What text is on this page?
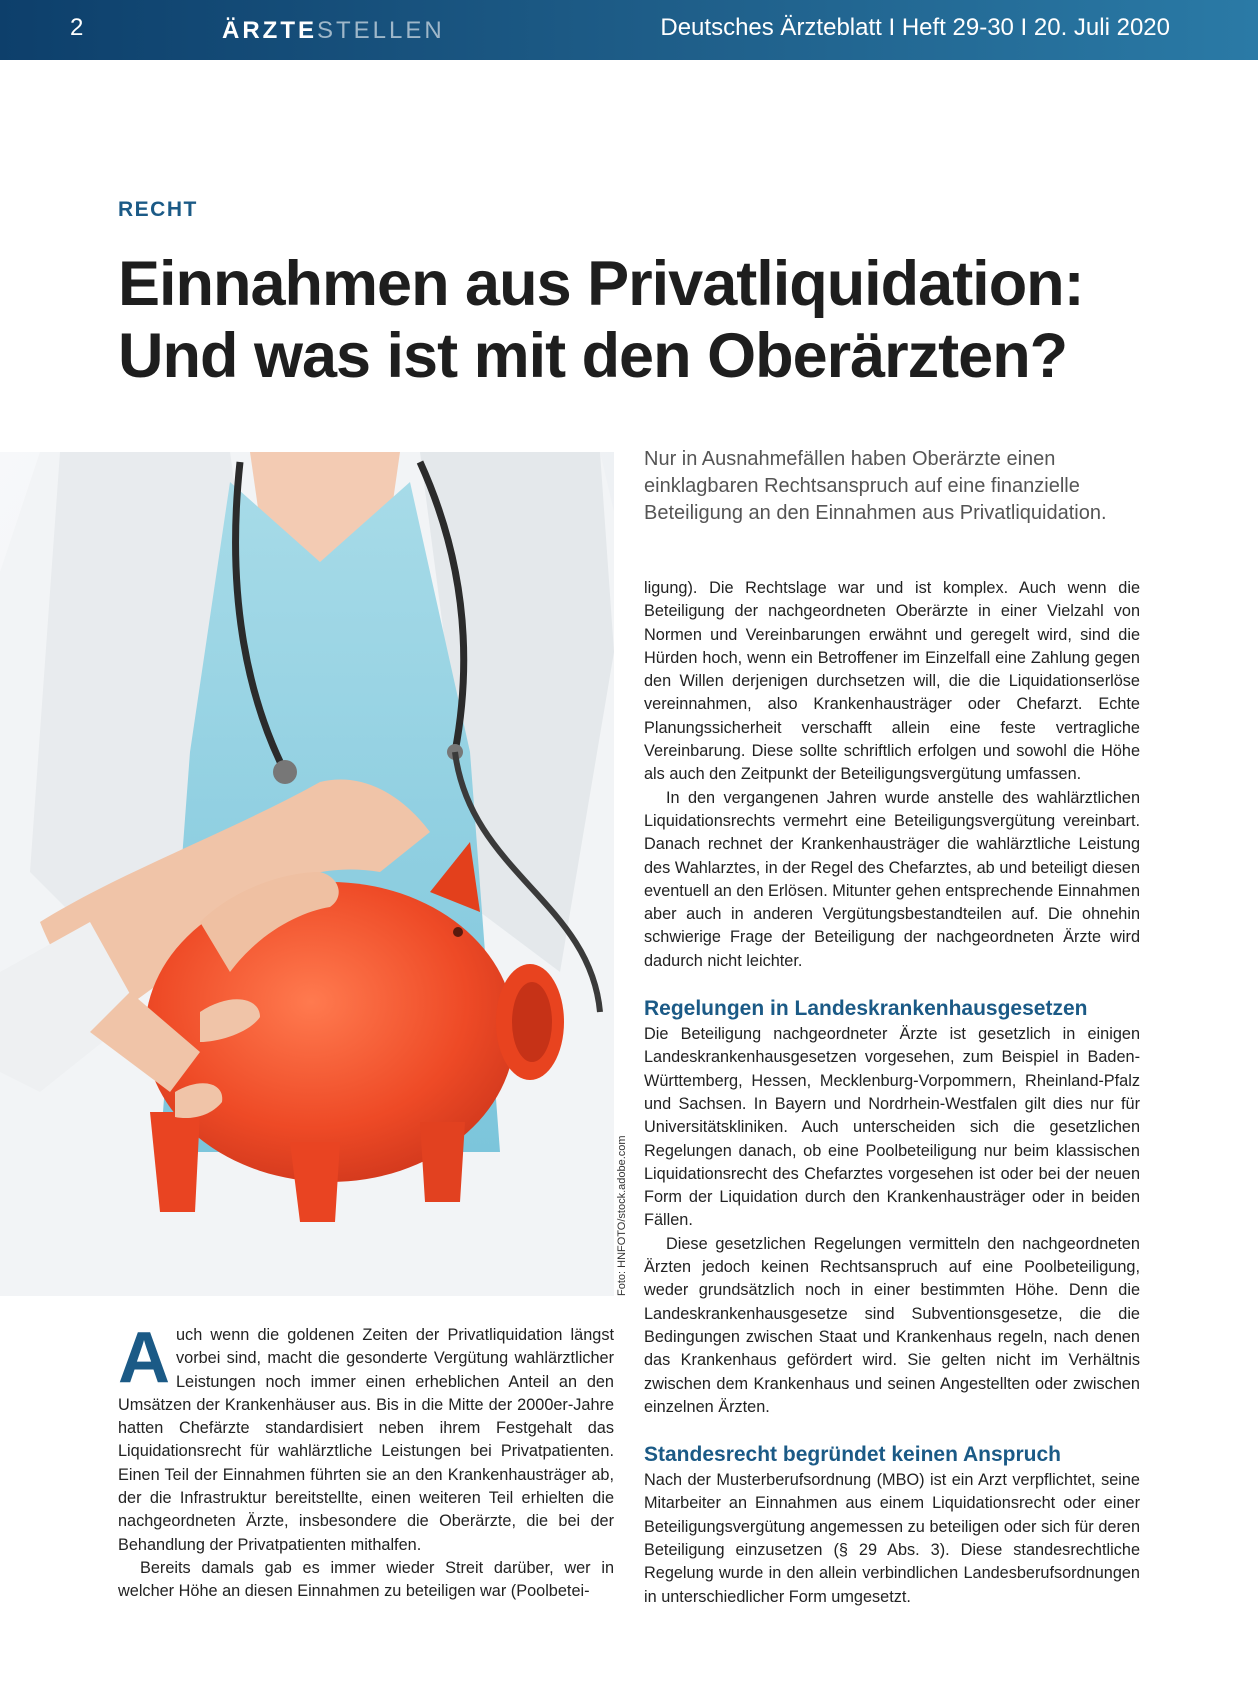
2	ÄRZTESTELLEN	Deutsches Ärzteblatt I Heft 29-30 I 20. Juli 2020
RECHT
Einnahmen aus Privatliquidation:
Und was ist mit den Oberärzten?
Foto: HNFOTO/stock.adobe.com

Nur in Ausnahmefällen haben Oberärzte einen einklagbaren Rechtsanspruch auf eine finanzielle Beteiligung an den Einnahmen aus Privatliquidation.

Auch wenn die goldenen Zeiten der Privatliquidation längst vorbei sind, macht die gesonderte Vergütung wahlärztlicher Leistungen noch immer einen erheblichen Anteil an den Umsätzen der Krankenhäuser aus. Bis in die Mitte der 2000er-Jahre hatten Chefärzte standardisiert neben ihrem Festgehalt das Liquidationsrecht für wahlärztliche Leistungen bei Privatpatienten. Einen Teil der Einnahmen führten sie an den Krankenhausträger ab, der die Infrastruktur bereitstellte, einen weiteren Teil erhielten die nachgeordneten Ärzte, insbesondere die Oberärzte, die bei der Behandlung der Privatpatienten mithalfen.

Bereits damals gab es immer wieder Streit darüber, wer in welcher Höhe an diesen Einnahmen zu beteiligen war (Poolbetei-

ligung). Die Rechtslage war und ist komplex. Auch wenn die Beteiligung der nachgeordneten Oberärzte in einer Vielzahl von Normen und Vereinbarungen erwähnt und geregelt wird, sind die Hürden hoch, wenn ein Betroffener im Einzelfall eine Zahlung gegen den Willen derjenigen durchsetzen will, die die Liquidationserlöse vereinnahmen, also Krankenhausträger oder Chefarzt. Echte Planungssicherheit verschafft allein eine feste vertragliche Vereinbarung. Diese sollte schriftlich erfolgen und sowohl die Höhe als auch den Zeitpunkt der Beteiligungsvergütung umfassen.

In den vergangenen Jahren wurde anstelle des wahlärztlichen Liquidationsrechts vermehrt eine Beteiligungsvergütung vereinbart. Danach rechnet der Krankenhausträger die wahlärztliche Leistung des Wahlarztes, in der Regel des Chefarztes, ab und beteiligt diesen eventuell an den Erlösen. Mitunter gehen entsprechende Einnahmen aber auch in anderen Vergütungsbestandteilen auf. Die ohnehin schwierige Frage der Beteiligung der nachgeordneten Ärzte wird dadurch nicht leichter.

Regelungen in Landeskrankenhausgesetzen

Die Beteiligung nachgeordneter Ärzte ist gesetzlich in einigen Landeskrankenhausgesetzen vorgesehen, zum Beispiel in Baden-Württemberg, Hessen, Mecklenburg-Vorpommern, Rheinland-Pfalz und Sachsen. In Bayern und Nordrhein-Westfalen gilt dies nur für Universitätskliniken. Auch unterscheiden sich die gesetzlichen Regelungen danach, ob eine Poolbeteiligung nur beim klassischen Liquidationsrecht des Chefarztes vorgesehen ist oder bei der neuen Form der Liquidation durch den Krankenhausträger oder in beiden Fällen.

Diese gesetzlichen Regelungen vermitteln den nachgeordneten Ärzten jedoch keinen Rechtsanspruch auf eine Poolbeteiligung, weder grundsätzlich noch in einer bestimmten Höhe. Denn die Landeskrankenhausgesetze sind Subventionsgesetze, die die Bedingungen zwischen Staat und Krankenhaus regeln, nach denen das Krankenhaus gefördert wird. Sie gelten nicht im Verhältnis zwischen dem Krankenhaus und seinen Angestellten oder zwischen einzelnen Ärzten.

Standesrecht begründet keinen Anspruch

Nach der Musterberufsordnung (MBO) ist ein Arzt verpflichtet, seine Mitarbeiter an Einnahmen aus einem Liquidationsrecht oder einer Beteiligungsvergütung angemessen zu beteiligen oder sich für deren Beteiligung einzusetzen (§ 29 Abs. 3). Diese standesrechtliche Regelung wurde in den allein verbindlichen Landesberufsordnungen in unterschiedlicher Form umgesetzt.
